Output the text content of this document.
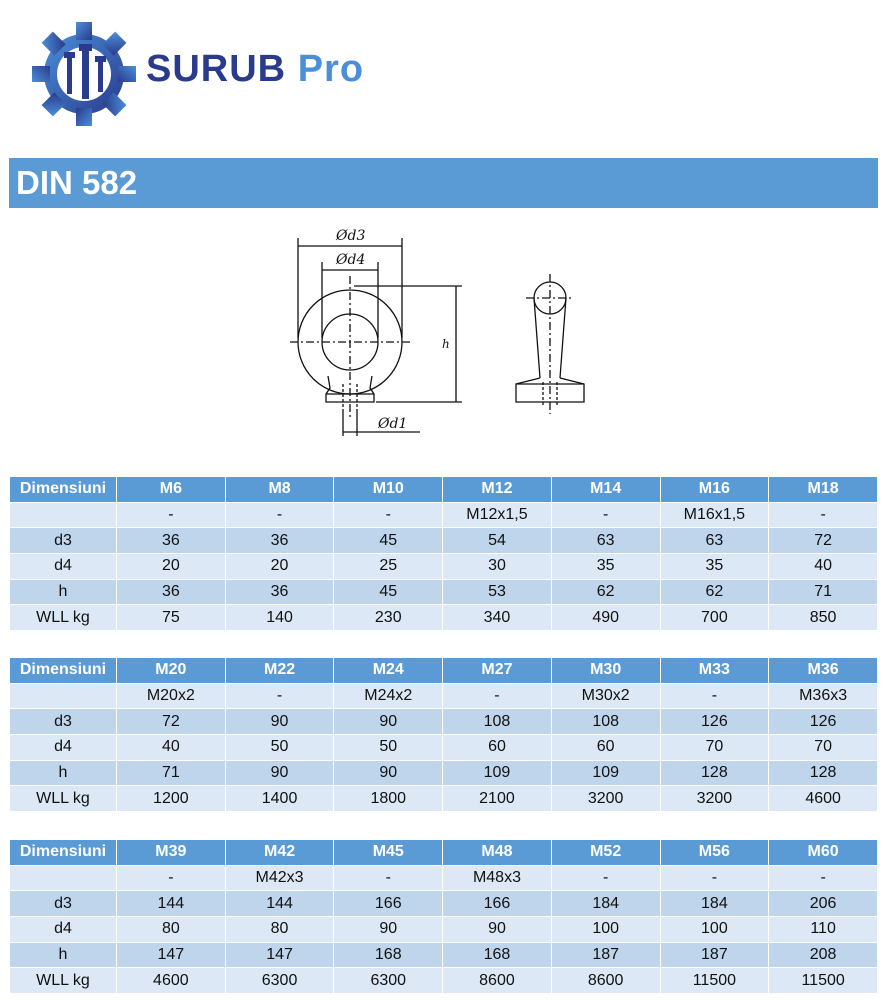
SURUB Pro
DIN 582
Ød3
Ød4
Ød1
h
Dimensiuni	M6	M8	M10	M12	M14	M16	M18
	-	-	-	M12x1,5	-	M16x1,5	-
d3	36	36	45	54	63	63	72
d4	20	20	25	30	35	35	40
h	36	36	45	53	62	62	71
WLL kg	75	140	230	340	490	700	850
Dimensiuni	M20	M22	M24	M27	M30	M33	M36
	M20x2	-	M24x2	-	M30x2	-	M36x3
d3	72	90	90	108	108	126	126
d4	40	50	50	60	60	70	70
h	71	90	90	109	109	128	128
WLL kg	1200	1400	1800	2100	3200	3200	4600
Dimensiuni	M39	M42	M45	M48	M52	M56	M60
	-	M42x3	-	M48x3	-	-	-
d3	144	144	166	166	184	184	206
d4	80	80	90	90	100	100	110
h	147	147	168	168	187	187	208
WLL kg	4600	6300	6300	8600	8600	11500	11500
